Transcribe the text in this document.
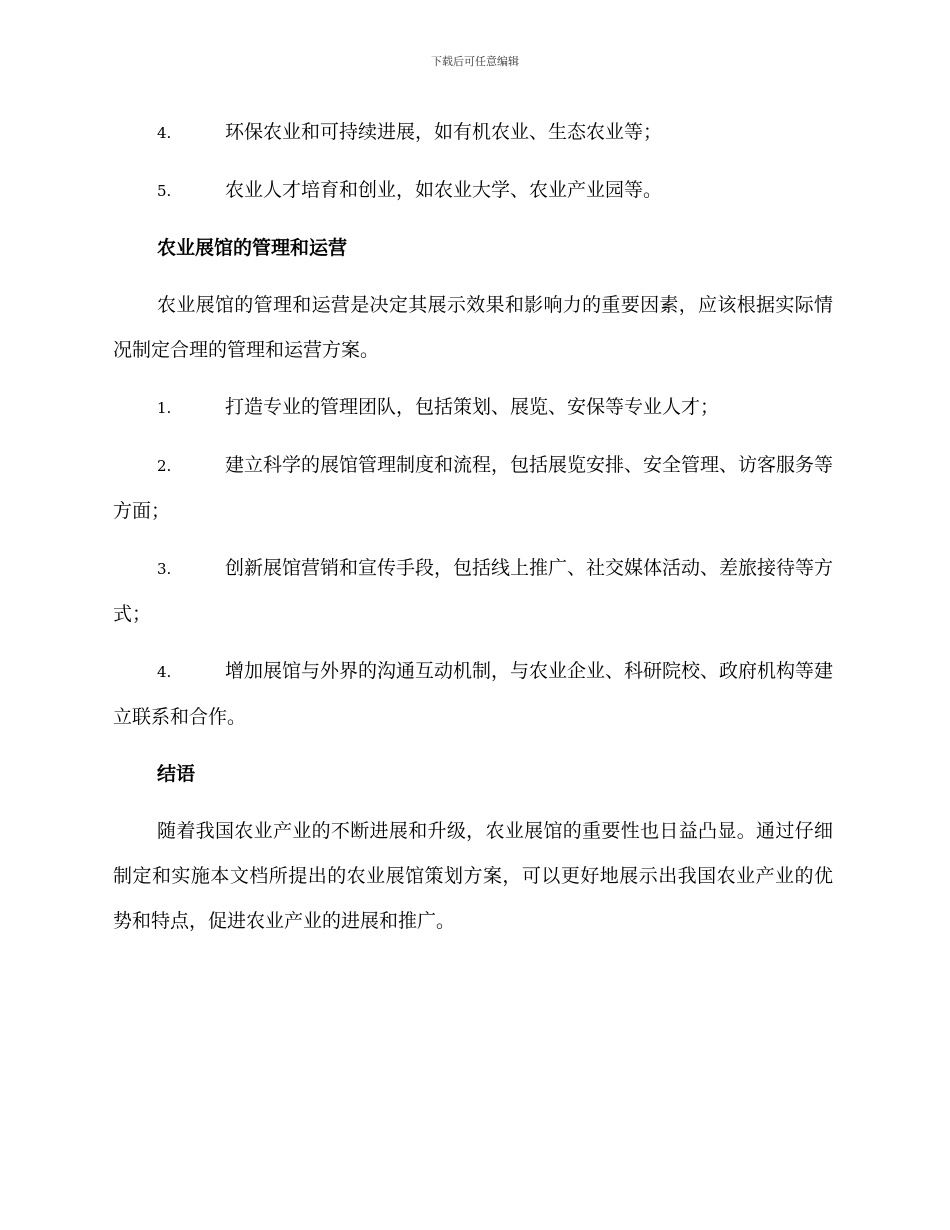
下载后可任意编辑
4.	环保农业和可持续进展，如有机农业、生态农业等；
5.	农业人才培育和创业，如农业大学、农业产业园等。
农业展馆的管理和运营
农业展馆的管理和运营是决定其展示效果和影响力的重要因素，应该根据实际情况制定合理的管理和运营方案。
1.	打造专业的管理团队，包括策划、展览、安保等专业人才；
2.	建立科学的展馆管理制度和流程，包括展览安排、安全管理、访客服务等方面；
3.	创新展馆营销和宣传手段，包括线上推广、社交媒体活动、差旅接待等方式；
4.	增加展馆与外界的沟通互动机制，与农业企业、科研院校、政府机构等建立联系和合作。
结语
随着我国农业产业的不断进展和升级，农业展馆的重要性也日益凸显。通过仔细制定和实施本文档所提出的农业展馆策划方案，可以更好地展示出我国农业产业的优势和特点，促进农业产业的进展和推广。
